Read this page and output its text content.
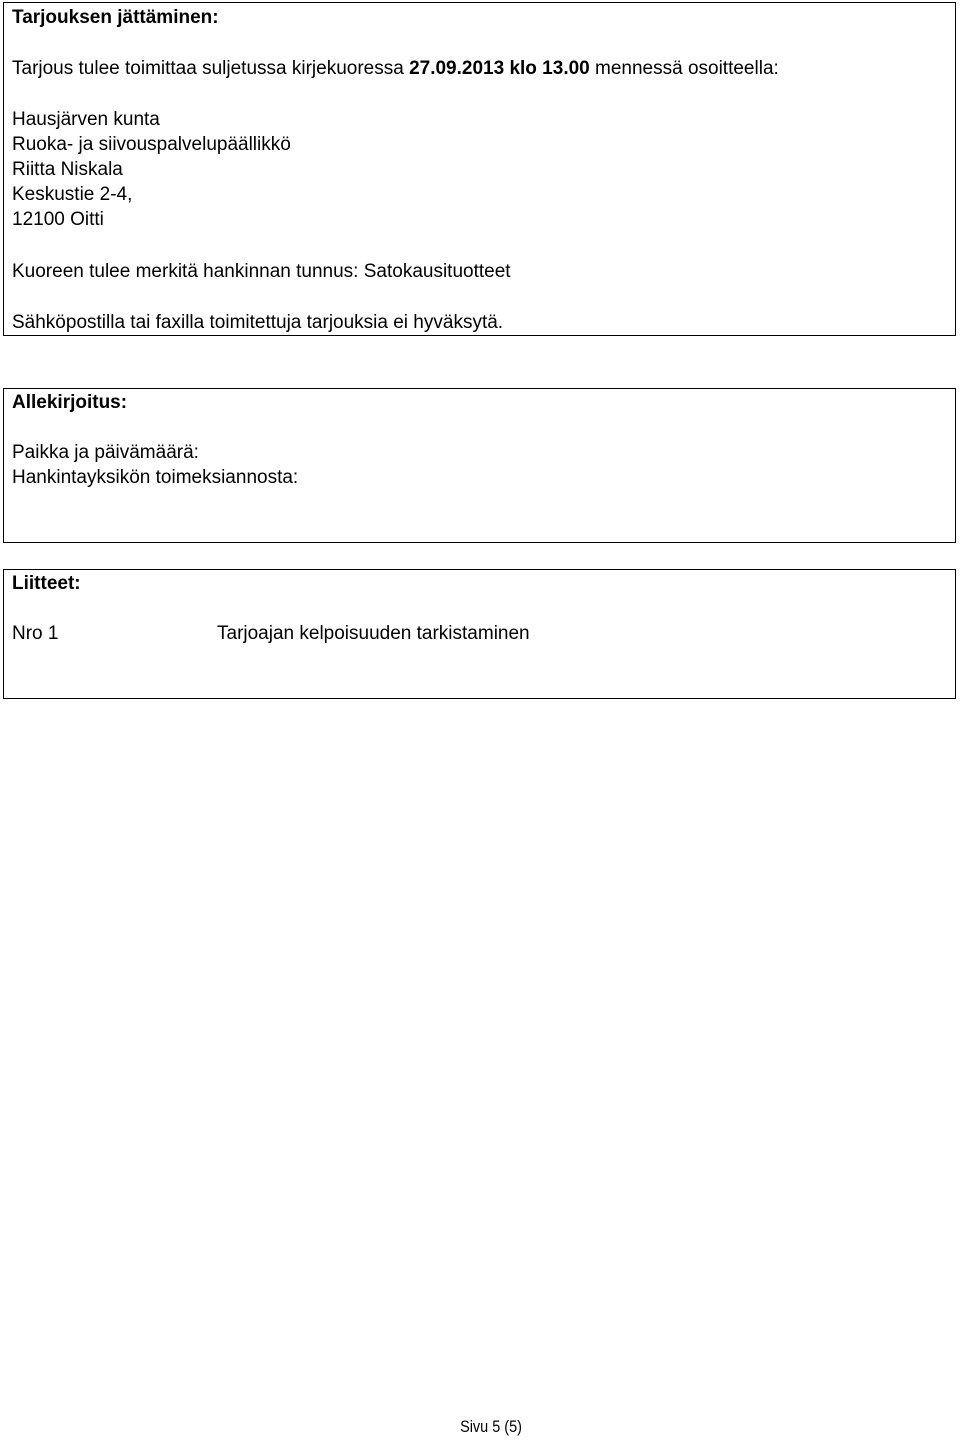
Tarjouksen jättäminen:
Tarjous tulee toimittaa suljetussa kirjekuoressa 27.09.2013 klo 13.00 mennessä osoitteella:
Hausjärven kunta
Ruoka- ja siivouspalvelupäällikkö
Riitta Niskala
Keskustie 2-4,
12100 Oitti
Kuoreen tulee merkitä hankinnan tunnus: Satokausituotteet
Sähköpostilla tai faxilla toimitettuja tarjouksia ei hyväksytä.
Allekirjoitus:
Paikka ja päivämäärä:
Hankintayksikön toimeksiannosta:
Liitteet:
Nro 1	Tarjoajan kelpoisuuden tarkistaminen
Sivu 5 (5)
